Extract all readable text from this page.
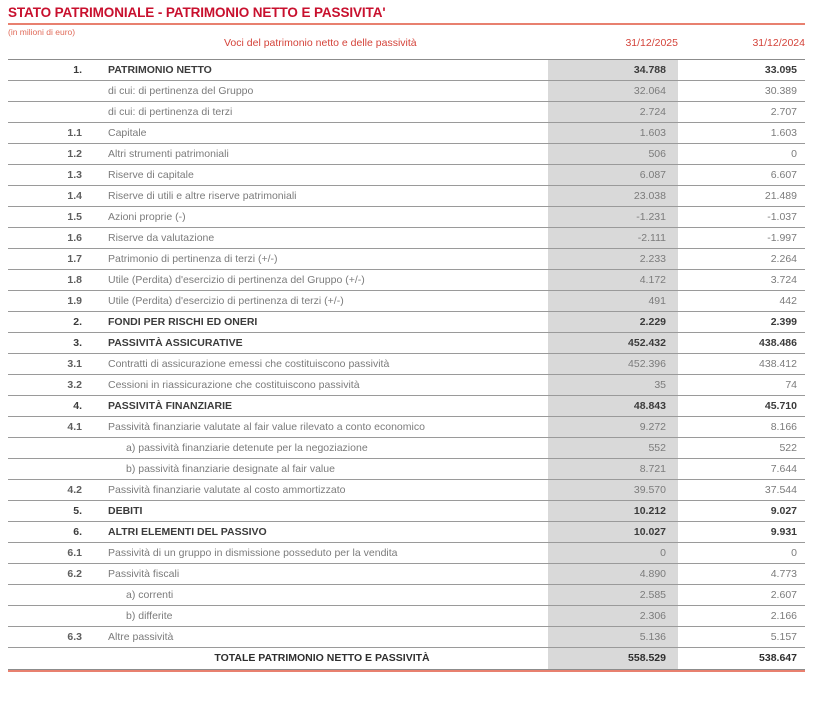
STATO PATRIMONIALE - PATRIMONIO NETTO E PASSIVITA'
(in milioni di euro)
Voci del patrimonio netto e delle passività	31/12/2025	31/12/2024
1.	PATRIMONIO NETTO	34.788	33.095
	di cui: di pertinenza del Gruppo	32.064	30.389
	di cui: di pertinenza di terzi	2.724	2.707
1.1	Capitale	1.603	1.603
1.2	Altri strumenti patrimoniali	506	0
1.3	Riserve di capitale	6.087	6.607
1.4	Riserve di utili e altre riserve patrimoniali	23.038	21.489
1.5	Azioni proprie (-)	-1.231	-1.037
1.6	Riserve da valutazione	-2.111	-1.997
1.7	Patrimonio di pertinenza di terzi (+/-)	2.233	2.264
1.8	Utile (Perdita) d'esercizio di pertinenza del Gruppo (+/-)	4.172	3.724
1.9	Utile (Perdita) d'esercizio di pertinenza di terzi (+/-)	491	442
2.	FONDI PER RISCHI ED ONERI	2.229	2.399
3.	PASSIVITÀ ASSICURATIVE	452.432	438.486
3.1	Contratti di assicurazione emessi che costituiscono passività	452.396	438.412
3.2	Cessioni in riassicurazione che costituiscono passività	35	74
4.	PASSIVITÀ FINANZIARIE	48.843	45.710
4.1	Passività finanziarie valutate al fair value rilevato a conto economico	9.272	8.166
	a) passività finanziarie detenute per la negoziazione	552	522
	b) passività finanziarie designate al fair value	8.721	7.644
4.2	Passività finanziarie valutate al costo ammortizzato	39.570	37.544
5.	DEBITI	10.212	9.027
6.	ALTRI ELEMENTI DEL PASSIVO	10.027	9.931
6.1	Passività di un gruppo in dismissione posseduto per la vendita	0	0
6.2	Passività fiscali	4.890	4.773
	a) correnti	2.585	2.607
	b) differite	2.306	2.166
6.3	Altre passività	5.136	5.157
	TOTALE PATRIMONIO NETTO E PASSIVITÀ	558.529	538.647
